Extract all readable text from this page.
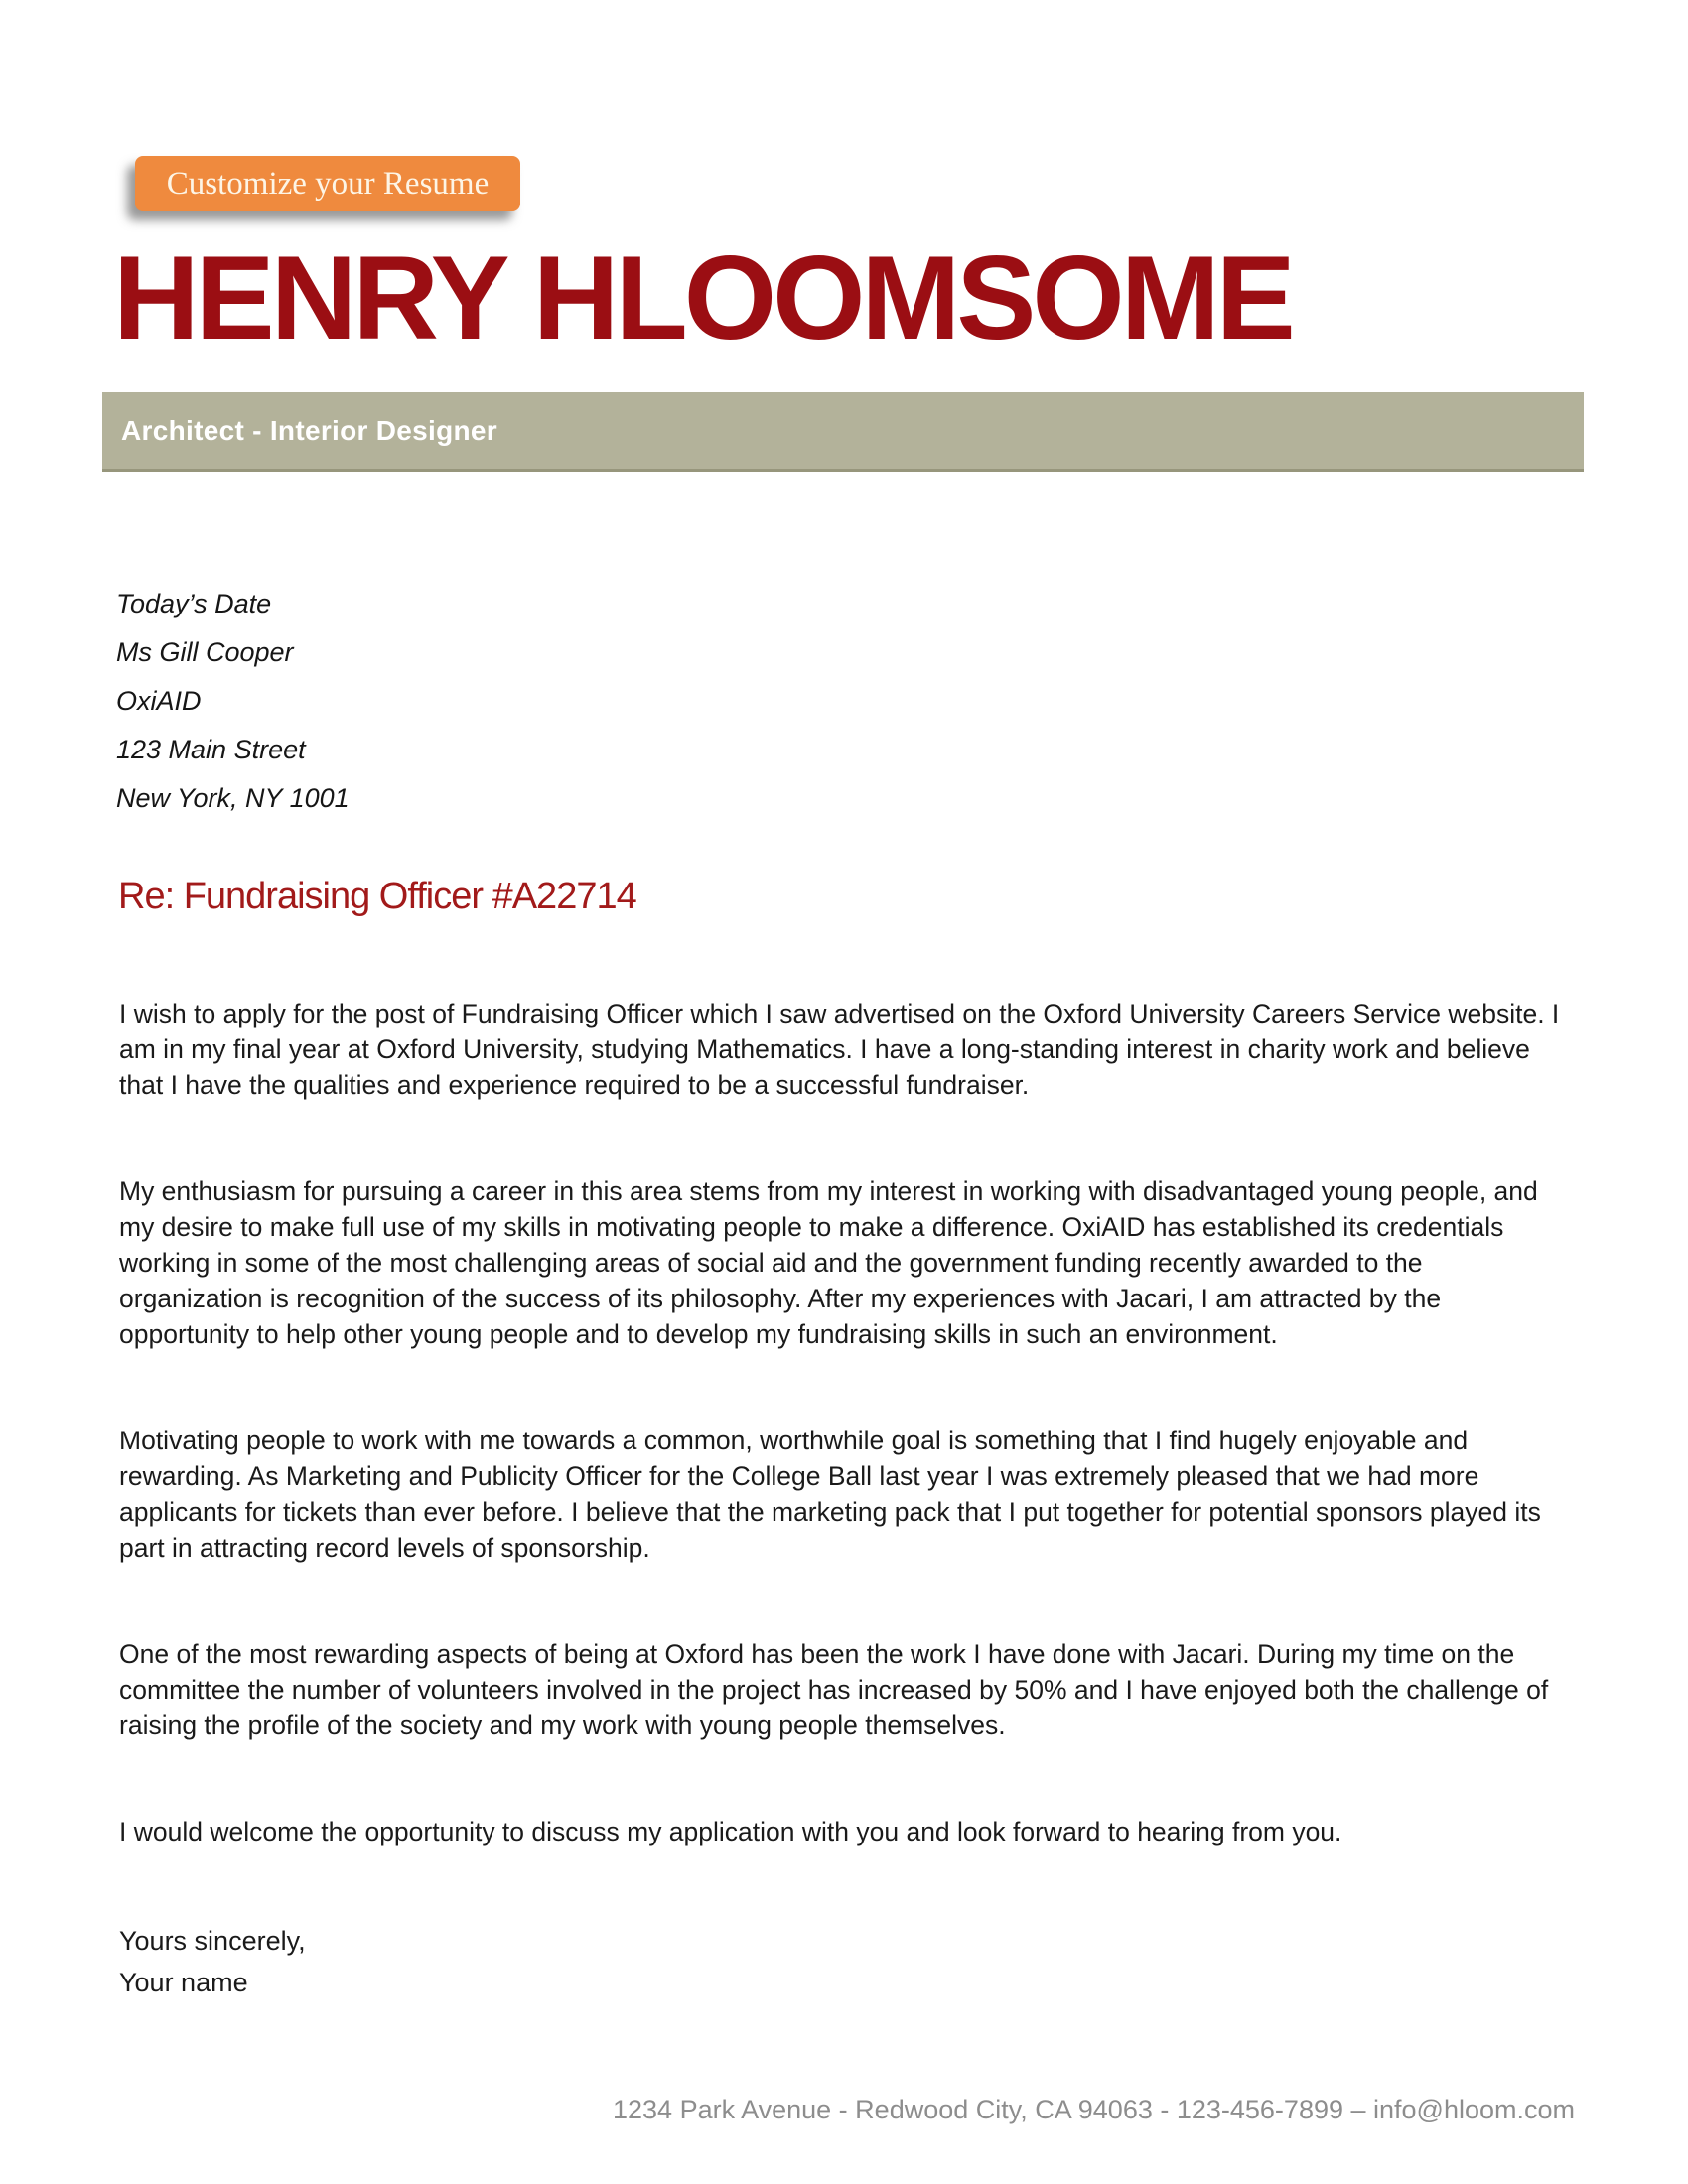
Customize your Resume
HENRY HLOOMSOME
Architect - Interior Designer
Today’s Date
Ms Gill Cooper
OxiAID
123 Main Street
New York, NY 1001
Re: Fundraising Officer #A22714

I wish to apply for the post of Fundraising Officer which I saw advertised on the Oxford University Careers Service website. I am in my final year at Oxford University, studying Mathematics. I have a long-standing interest in charity work and believe that I have the qualities and experience required to be a successful fundraiser.

My enthusiasm for pursuing a career in this area stems from my interest in working with disadvantaged young people, and my desire to make full use of my skills in motivating people to make a difference. OxiAID has established its credentials working in some of the most challenging areas of social aid and the government funding recently awarded to the organization is recognition of the success of its philosophy. After my experiences with Jacari, I am attracted by the opportunity to help other young people and to develop my fundraising skills in such an environment.

Motivating people to work with me towards a common, worthwhile goal is something that I find hugely enjoyable and rewarding. As Marketing and Publicity Officer for the College Ball last year I was extremely pleased that we had more applicants for tickets than ever before. I believe that the marketing pack that I put together for potential sponsors played its part in attracting record levels of sponsorship.

One of the most rewarding aspects of being at Oxford has been the work I have done with Jacari. During my time on the committee the number of volunteers involved in the project has increased by 50% and I have enjoyed both the challenge of raising the profile of the society and my work with young people themselves.

I would welcome the opportunity to discuss my application with you and look forward to hearing from you.

Yours sincerely,
Your name
1234 Park Avenue - Redwood City, CA 94063 - 123-456-7899 – info@hloom.com
